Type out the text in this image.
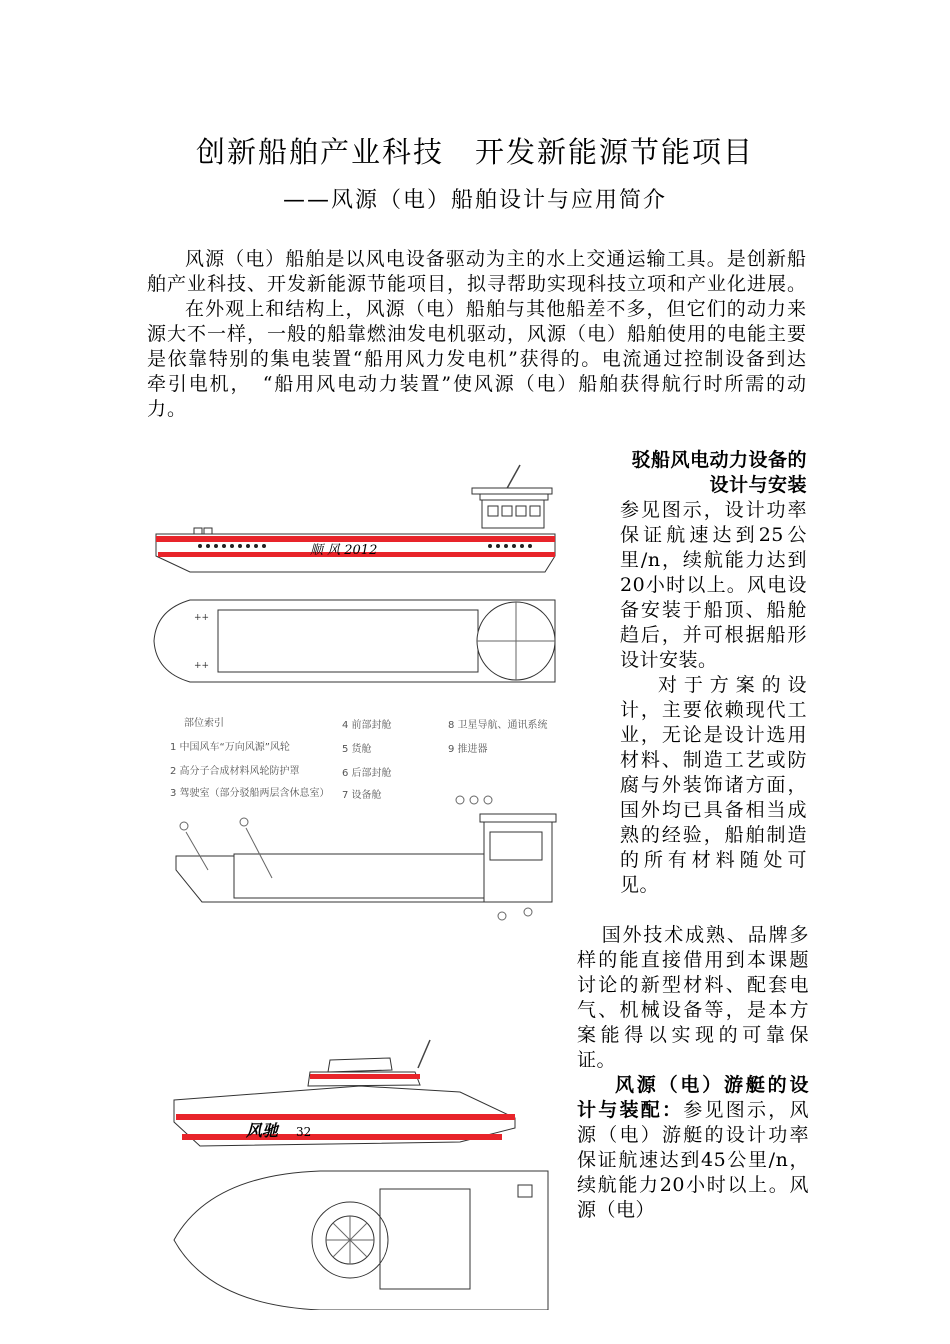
创新船舶产业科技　开发新能源节能项目
——风源（电）船舶设计与应用简介

风源（电）船舶是以风电设备驱动为主的水上交通运输工具。是创新船舶产业科技、开发新能源节能项目，拟寻帮助实现科技立项和产业化进展。

在外观上和结构上，风源（电）船舶与其他船差不多，但它们的动力来源大不一样，一般的船靠燃油发电机驱动，风源（电）船舶使用的电能主要是依靠特别的集电装置“船用风力发电机”获得的。电流通过控制设备到达牵引电机，　“船用风电动力装置”使风源（电）船舶获得航行时所需的动力。

驳船风电动力设备的设计与安装

参见图示，设计功率保证航速达到25公里/n，续航能力达到20小时以上。风电设备安装于船顶、船舱趋后，并可根据船形设计安装。

对于方案的设计，主要依赖现代工业，无论是设计选用材料、制造工艺或防腐与外装饰诸方面，国外均已具备相当成熟的经验，船舶制造的所有材料随处可见。

国外技术成熟、品牌多样的能直接借用到本课题讨论的新型材料、配套电气、机械设备等，是本方案能得以实现的可靠保证。

风源（电）游艇的设计与装配：参见图示，风源（电）游艇的设计功率保证航速达到45公里/n，续航能力20小时以上。风源（电）

顺 风 2012
++
++
部位索引
1 中国风车“万向风源”风轮
2 高分子合成材料风轮防护罩
3 驾驶室（部分驳船两层含休息室）
4 前部封舱
5 货舱
6 后部封舱
7 设备舱
8 卫星导航、通讯系统
9 推进器
风驰 32
